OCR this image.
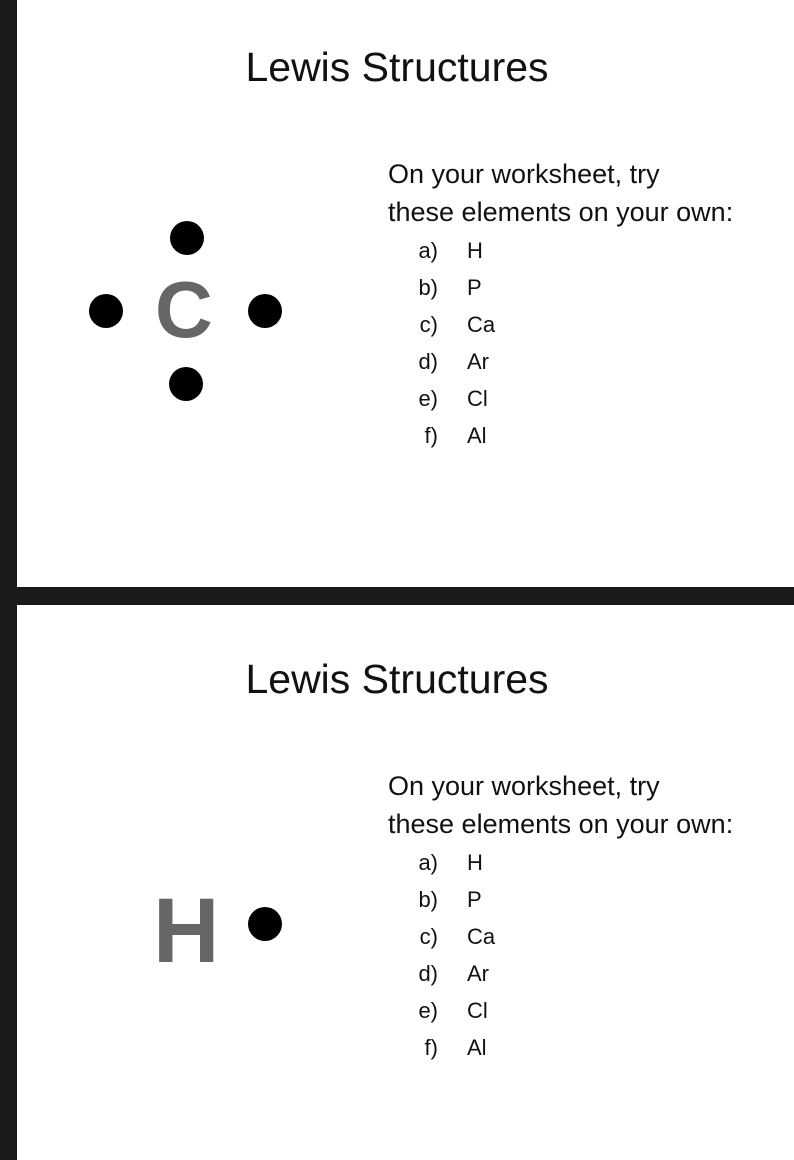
Lewis Structures
On your worksheet, try
these elements on your own:
a) H
b) P
c) Ca
d) Ar
e) Cl
f) Al
C
Lewis Structures
On your worksheet, try
these elements on your own:
a) H
b) P
c) Ca
d) Ar
e) Cl
f) Al
H
